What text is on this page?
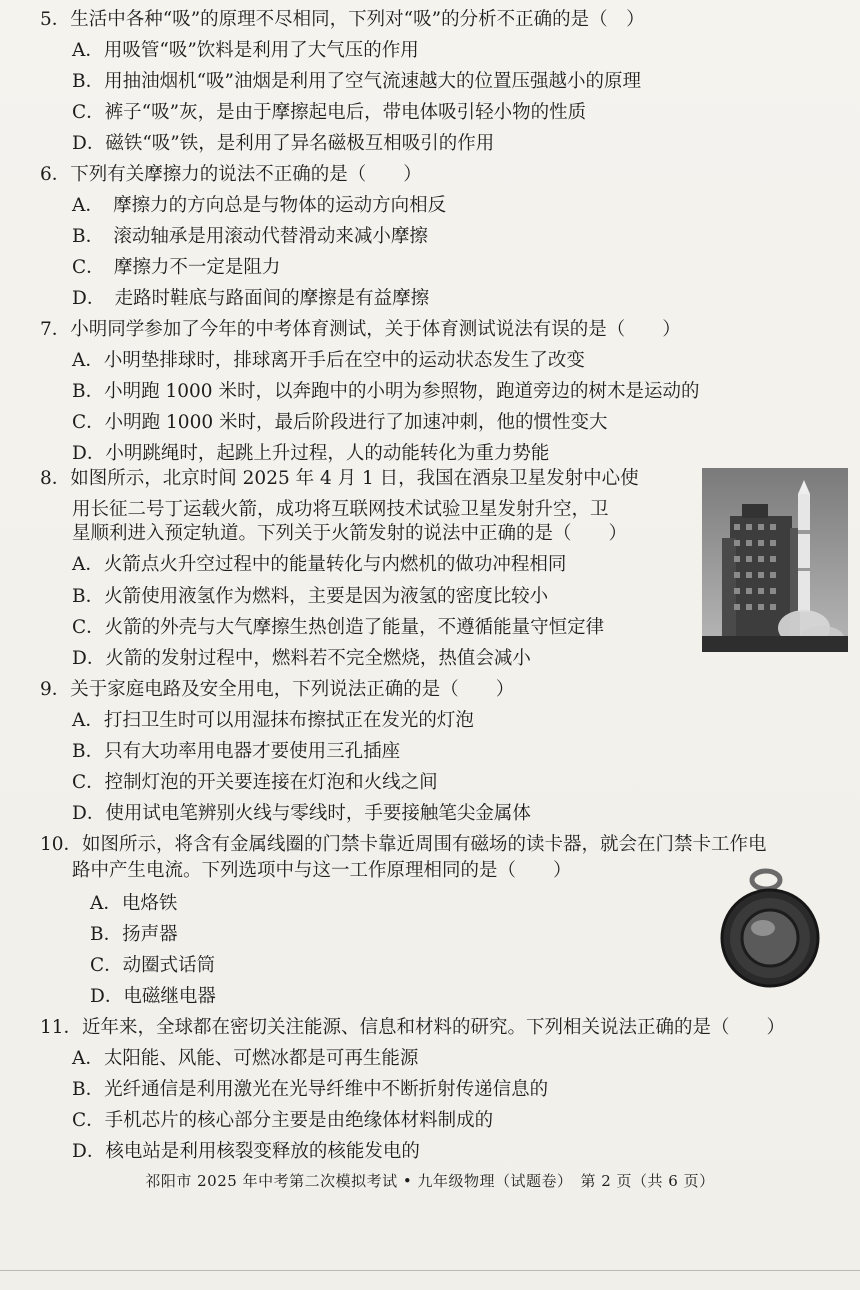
5．生活中各种“吸”的原理不尽相同，下列对“吸”的分析不正确的是（　）
A．用吸管“吸”饮料是利用了大气压的作用
B．用抽油烟机“吸”油烟是利用了空气流速越大的位置压强越小的原理
C．裤子“吸”灰，是由于摩擦起电后，带电体吸引轻小物的性质
D．磁铁“吸”铁，是利用了异名磁极互相吸引的作用
6．下列有关摩擦力的说法不正确的是（　　）
A．　摩擦力的方向总是与物体的运动方向相反
B．　滚动轴承是用滚动代替滑动来减小摩擦
C．　摩擦力不一定是阻力
D．　走路时鞋底与路面间的摩擦是有益摩擦
7．小明同学参加了今年的中考体育测试，关于体育测试说法有误的是（　　）
A．小明垫排球时，排球离开手后在空中的运动状态发生了改变
B．小明跑 1000 米时，以奔跑中的小明为参照物，跑道旁边的树木是运动的
C．小明跑 1000 米时，最后阶段进行了加速冲刺，他的惯性变大
D．小明跳绳时，起跳上升过程，人的动能转化为重力势能
8．如图所示，北京时间 2025 年 4 月 1 日，我国在酒泉卫星发射中心使
用长征二号丁运载火箭，成功将互联网技术试验卫星发射升空，卫
星顺利进入预定轨道。下列关于火箭发射的说法中正确的是（　　）
A．火箭点火升空过程中的能量转化与内燃机的做功冲程相同
B．火箭使用液氢作为燃料，主要是因为液氢的密度比较小
C．火箭的外壳与大气摩擦生热创造了能量，不遵循能量守恒定律
D．火箭的发射过程中，燃料若不完全燃烧，热值会减小
9．关于家庭电路及安全用电，下列说法正确的是（　　）
A．打扫卫生时可以用湿抹布擦拭正在发光的灯泡
B．只有大功率用电器才要使用三孔插座
C．控制灯泡的开关要连接在灯泡和火线之间
D．使用试电笔辨别火线与零线时，手要接触笔尖金属体
10．如图所示，将含有金属线圈的门禁卡靠近周围有磁场的读卡器，就会在门禁卡工作电
路中产生电流。下列选项中与这一工作原理相同的是（　　）
A．电烙铁
B．扬声器
C．动圈式话筒
D．电磁继电器
11．近年来，全球都在密切关注能源、信息和材料的研究。下列相关说法正确的是（　　）
A．太阳能、风能、可燃冰都是可再生能源
B．光纤通信是利用激光在光导纤维中不断折射传递信息的
C．手机芯片的核心部分主要是由绝缘体材料制成的
D．核电站是利用核裂变释放的核能发电的
祁阳市 2025 年中考第二次模拟考试 • 九年级物理（试题卷）　第 2 页（共 6 页）
